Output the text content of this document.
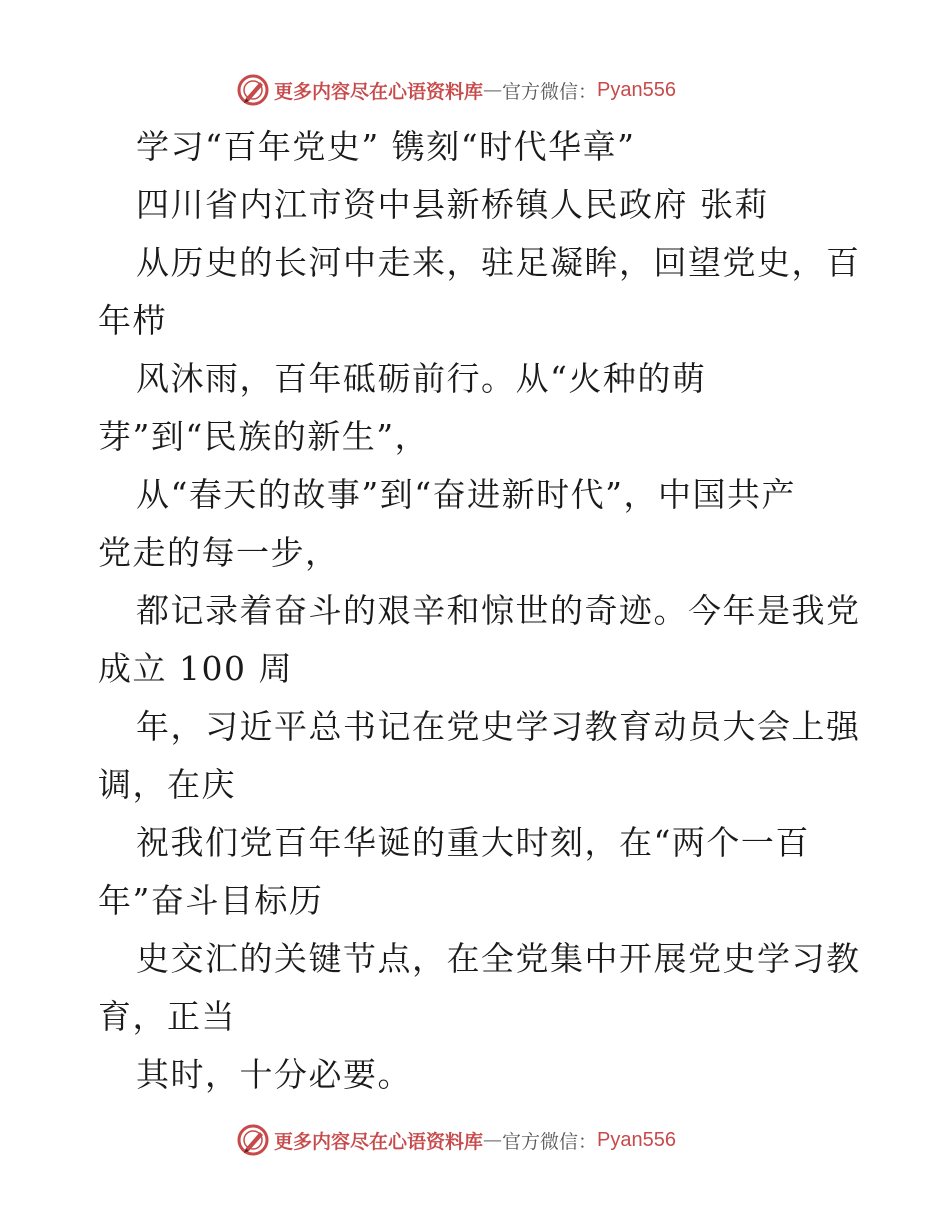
更多内容尽在心语资料库 — 官方微信： Pyan556
学习“百年党史” 镌刻“时代华章”
四川省内江市资中县新桥镇人民政府 张莉
从历史的长河中走来，驻足凝眸，回望党史，百
年栉
风沐雨，百年砥砺前行。从“火种的萌
芽”到“民族的新生”，
从“春天的故事”到“奋进新时代”，中国共产
党走的每一步，
都记录着奋斗的艰辛和惊世的奇迹。今年是我党
成立 100 周
年，习近平总书记在党史学习教育动员大会上强
调，在庆
祝我们党百年华诞的重大时刻，在“两个一百
年”奋斗目标历
史交汇的关键节点，在全党集中开展党史学习教
育，正当
其时，十分必要。
更多内容尽在心语资料库 — 官方微信： Pyan556
